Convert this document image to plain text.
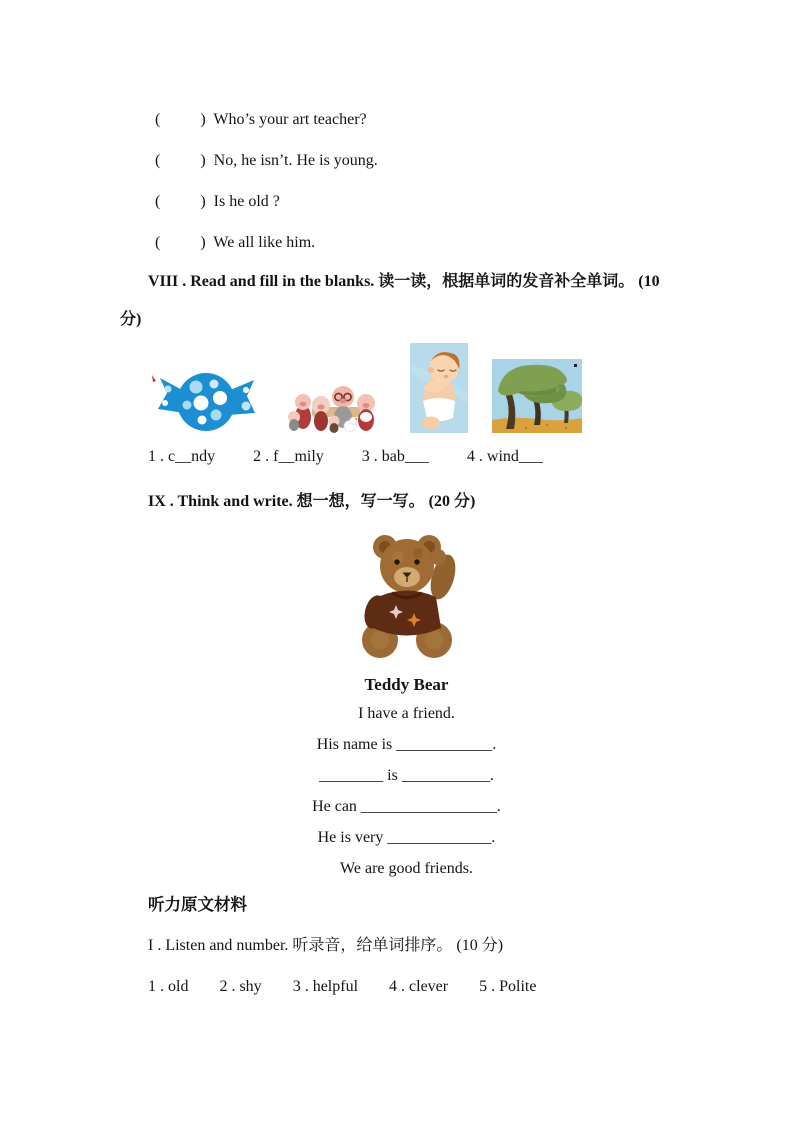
(          )  Who’s your art teacher?
(          )  No, he isn’t. He is young.
(          )  Is he old ?
(          )  We all like him.
VIII . Read and fill in the blanks. 读一读，根据单词的发音补全单词。 (10
分)
1 . c__ndy 2 . f__mily 3 . bab___ 4 . wind___
IX . Think and write. 想一想，写一写。 (20 分)
Teddy Bear
I have a friend.
His name is ____________.
________ is ___________.
He can _________________.
He is very _____________.
We are good friends.
听力原文材料
I . Listen and number. 听录音，给单词排序。 (10 分)
1 . old 2 . shy 3 . helpful 4 . clever 5 . Polite
